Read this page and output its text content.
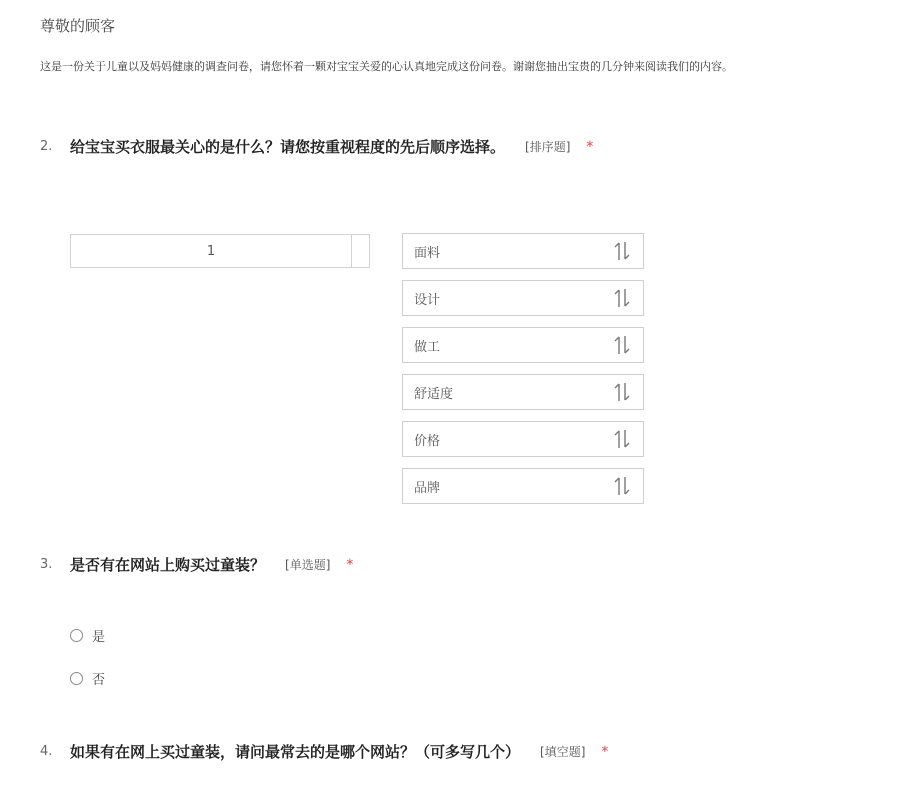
尊敬的顾客
这是一份关于儿童以及妈妈健康的调查问卷，请您怀着一颗对宝宝关爱的心认真地完成这份问卷。谢谢您抽出宝贵的几分钟来阅读我们的内容。
2.	给宝宝买衣服最关心的是什么？请您按重视程度的先后顺序选择。 [排序题] *
1	面料
设计
做工
舒适度
价格
品牌
3.	是否有在网站上购买过童装？ [单选题] *
是
否
4.	如果有在网上买过童装，请问最常去的是哪个网站？（可多写几个） [填空题] *
